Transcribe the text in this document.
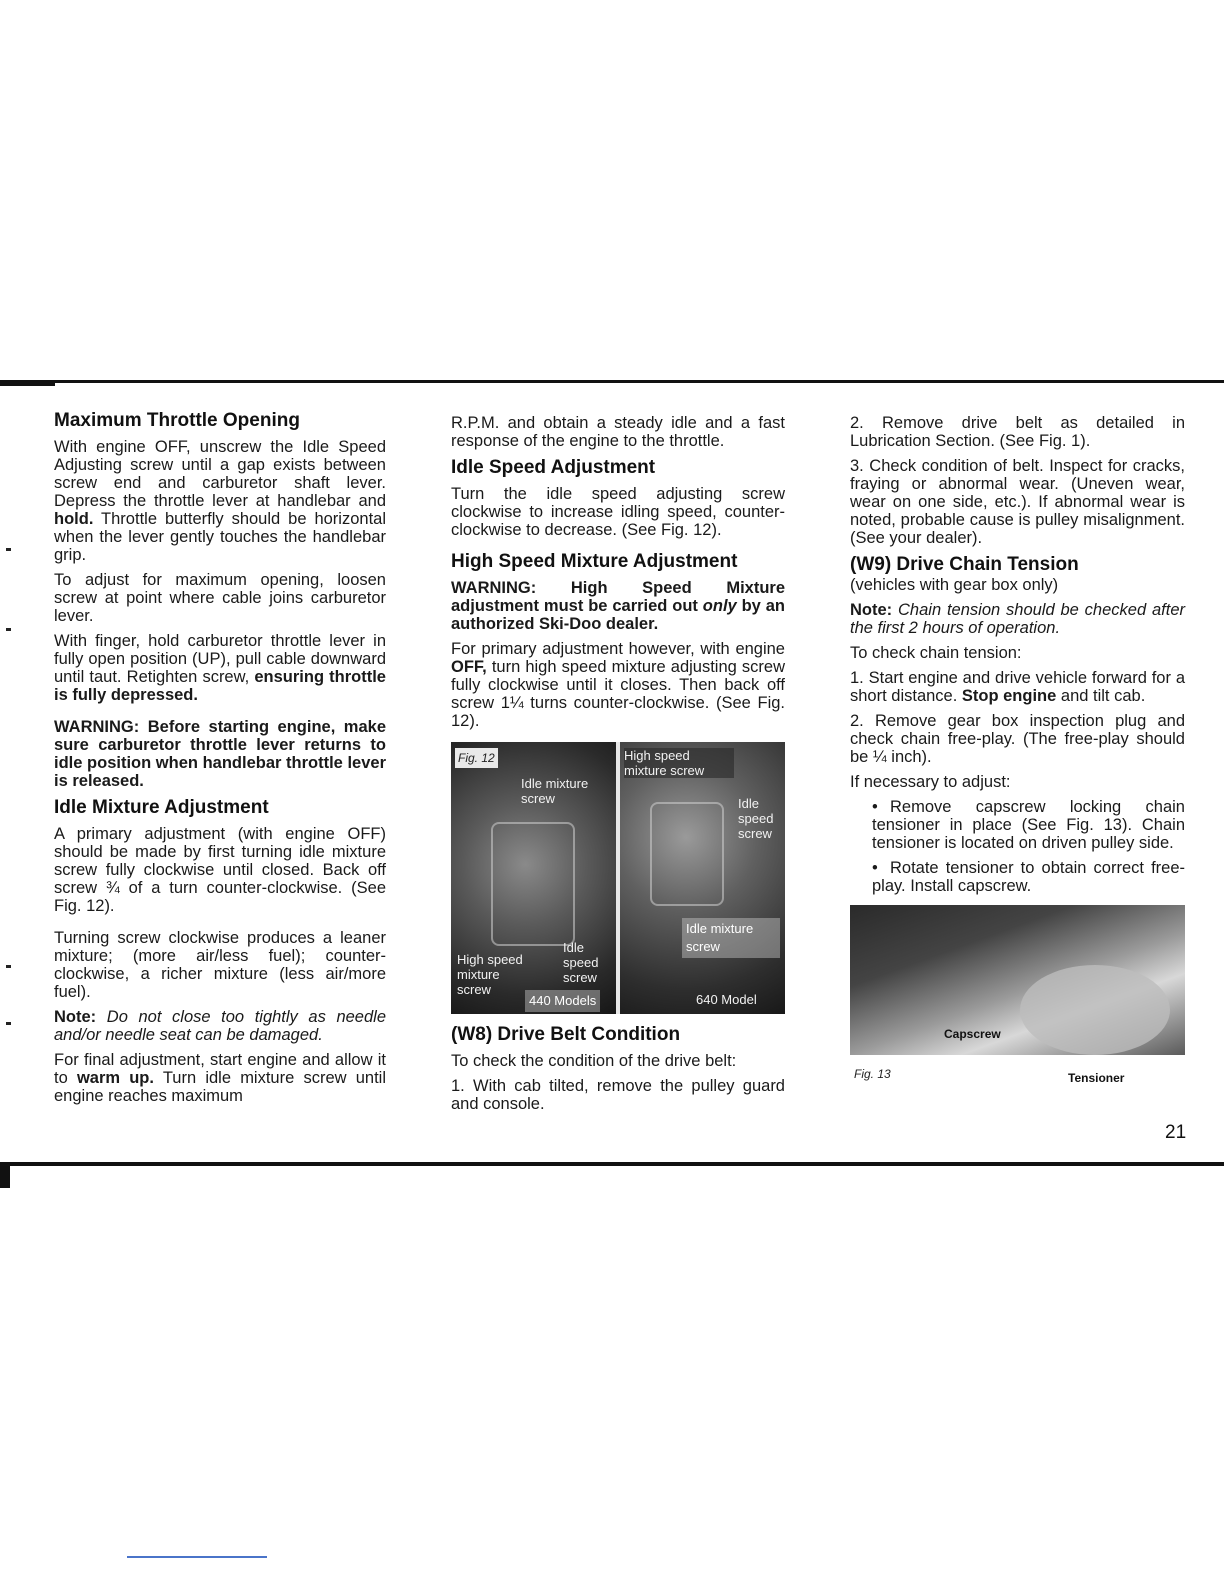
Maximum Throttle Opening

With engine OFF, unscrew the Idle Speed Adjusting screw until a gap exists between screw end and carburetor shaft lever. Depress the throttle lever at handlebar and hold. Throttle butterfly should be horizontal when the lever gently touches the handlebar grip.

To adjust for maximum opening, loosen screw at point where cable joins carburetor lever.

With finger, hold carburetor throttle lever in fully open position (UP), pull cable downward until taut. Retighten screw, ensuring throttle is fully depressed.

WARNING: Before starting engine, make sure carburetor throttle lever returns to idle position when handlebar throttle lever is released.

Idle Mixture Adjustment

A primary adjustment (with engine OFF) should be made by first turning idle mixture screw fully clockwise until closed. Back off screw ¾ of a turn counter-clockwise. (See Fig. 12).

Turning screw clockwise produces a leaner mixture; (more air/less fuel); counter-clockwise, a richer mixture (less air/more fuel).

Note: Do not close too tightly as needle and/or needle seat can be damaged.

For final adjustment, start engine and allow it to warm up. Turn idle mixture screw until engine reaches maximum

R.P.M. and obtain a steady idle and a fast response of the engine to the throttle.

Idle Speed Adjustment

Turn the idle speed adjusting screw clockwise to increase idling speed, counter-clockwise to decrease. (See Fig. 12).

High Speed Mixture Adjustment

WARNING: High Speed Mixture adjustment must be carried out only by an authorized Ski-Doo dealer.

For primary adjustment however, with engine OFF, turn high speed mixture adjusting screw fully clockwise until it closes. Then back off screw 1¼ turns counter-clockwise. (See Fig. 12).

Fig. 12
Idle mixture screw
High speed mixture screw
Idle speed screw
440 Models
High speed mixture screw
Idle speed screw
Idle mixture screw
640 Model
(W8) Drive Belt Condition

To check the condition of the drive belt:

1. With cab tilted, remove the pulley guard and console.

2. Remove drive belt as detailed in Lubrication Section. (See Fig. 1).

3. Check condition of belt. Inspect for cracks, fraying or abnormal wear. (Uneven wear, wear on one side, etc.). If abnormal wear is noted, probable cause is pulley misalignment. (See your dealer).

(W9) Drive Chain Tension

(vehicles with gear box only)

Note: Chain tension should be checked after the first 2 hours of operation.

To check chain tension:

1. Start engine and drive vehicle forward for a short distance. Stop engine and tilt cab.

2. Remove gear box inspection plug and check chain free-play. (The free-play should be ¼ inch).

If necessary to adjust:

• Remove capscrew locking chain tensioner in place (See Fig. 13). Chain tensioner is located on driven pulley side.

• Rotate tensioner to obtain correct free-play. Install capscrew.

Capscrew
Tensioner
Fig. 13
21
